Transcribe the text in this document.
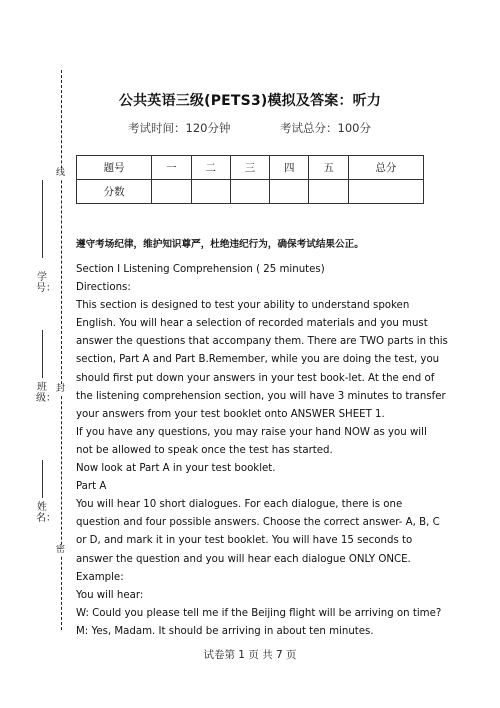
线
封
密
学号：
班级：
姓名：
公共英语三级(PETS3)模拟及答案：听力
考试时间：120分钟	考试总分：100分
题号	一	二	三	四	五	总分
分数						
遵守考场纪律，维护知识尊严，杜绝违纪行为，确保考试结果公正。
Section I Listening Comprehension ( 25 minutes)
Directions:
This section is designed to test your ability to understand spoken
English. You will hear a selection of recorded materials and you must
answer the questions that accompany them. There are TWO parts in this
section, Part A and Part B.Remember, while you are doing the test, you
should first put down your answers in your test book-let. At the end of
the listening comprehension section, you will have 3 minutes to transfer
your answers from your test booklet onto ANSWER SHEET 1.
If you have any questions, you may raise your hand NOW as you will
not be allowed to speak once the test has started.
Now look at Part A in your test booklet.
Part A
You will hear 10 short dialogues. For each dialogue, there is one
question and four possible answers. Choose the correct answer- A, B, C
or D, and mark it in your test booklet. You will have 15 seconds to
answer the question and you will hear each dialogue ONLY ONCE.
Example:
You will hear:
W: Could you please tell me if the Beijing flight will be arriving on time?
M: Yes, Madam. It should be arriving in about ten minutes.
试卷第 1 页 共 7 页
